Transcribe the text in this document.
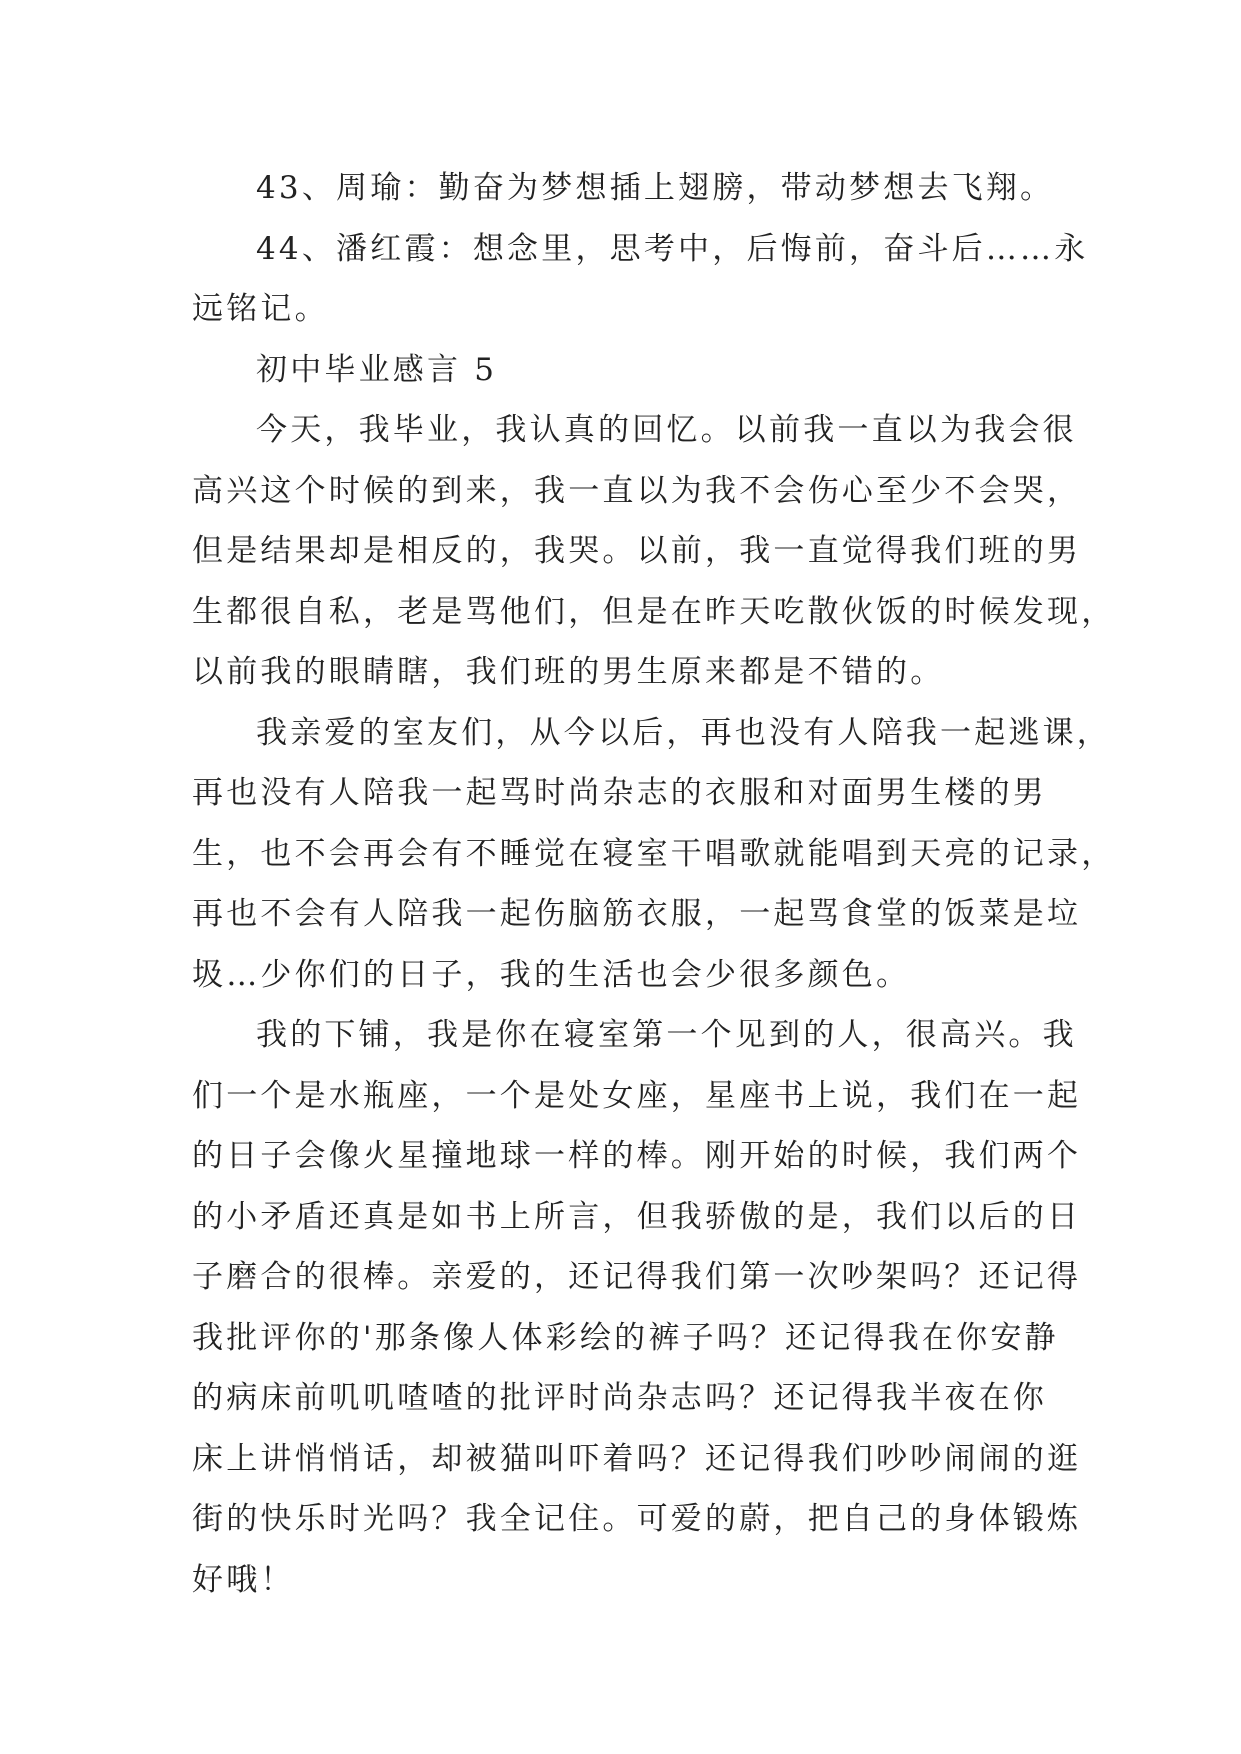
43、周瑜：勤奋为梦想插上翅膀，带动梦想去飞翔。
44、潘红霞：想念里，思考中，后悔前，奋斗后……永
远铭记。
初中毕业感言 5
今天，我毕业，我认真的回忆。以前我一直以为我会很
高兴这个时候的到来，我一直以为我不会伤心至少不会哭，
但是结果却是相反的，我哭。以前，我一直觉得我们班的男
生都很自私，老是骂他们，但是在昨天吃散伙饭的时候发现，
以前我的眼睛瞎，我们班的男生原来都是不错的。
我亲爱的室友们，从今以后，再也没有人陪我一起逃课，
再也没有人陪我一起骂时尚杂志的衣服和对面男生楼的男
生，也不会再会有不睡觉在寝室干唱歌就能唱到天亮的记录，
再也不会有人陪我一起伤脑筋衣服，一起骂食堂的饭菜是垃
圾…少你们的日子，我的生活也会少很多颜色。
我的下铺，我是你在寝室第一个见到的人，很高兴。我
们一个是水瓶座，一个是处女座，星座书上说，我们在一起
的日子会像火星撞地球一样的棒。刚开始的时候，我们两个
的小矛盾还真是如书上所言，但我骄傲的是，我们以后的日
子磨合的很棒。亲爱的，还记得我们第一次吵架吗？还记得
我批评你的'那条像人体彩绘的裤子吗？还记得我在你安静
的病床前叽叽喳喳的批评时尚杂志吗？还记得我半夜在你
床上讲悄悄话，却被猫叫吓着吗？还记得我们吵吵闹闹的逛
街的快乐时光吗？我全记住。可爱的蔚，把自己的身体锻炼
好哦！
